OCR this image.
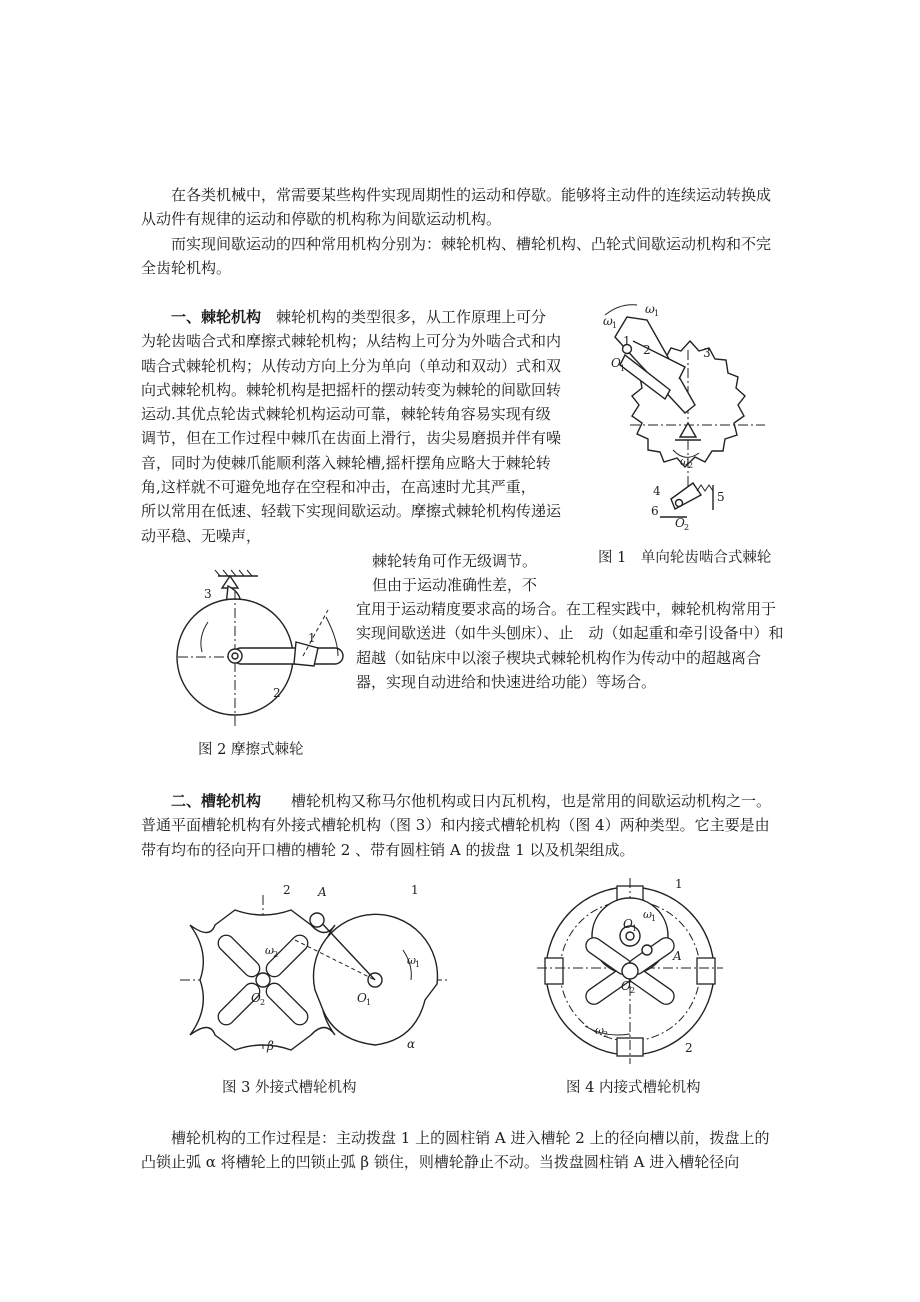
在各类机械中，常需要某些构件实现周期性的运动和停歇。能够将主动件的连续运动转换成从动件有规律的运动和停歇的机构称为间歇运动机构。

而实现间歇运动的四种常用机构分别为：棘轮机构、槽轮机构、凸轮式间歇运动机构和不完全齿轮机构。

一、棘轮机构　 棘轮机构的类型很多，从工作原理上可分为轮齿啮合式和摩擦式棘轮机构；从结构上可分为外啮合式和内啮合式棘轮机构；从传动方向上分为单向（单动和双动）式和双向式棘轮机构。棘轮机构是把摇杆的摆动转变为棘轮的间歇回转运动.其优点轮齿式棘轮机构运动可靠，棘轮转角容易实现有级调节，但在工作过程中棘爪在齿面上滑行，齿尖易磨损并伴有噪音，同时为使棘爪能顺利落入棘轮槽,摇杆摆角应略大于棘轮转角,这样就不可避免地存在空程和冲击，在高速时尤其严重，　　所以常用在低速、轻载下实现间歇运动。摩擦式棘轮机构传递运动平稳、无噪声，

棘轮转角可作无级调节。

但由于运动准确性差，不

宜用于运动精度要求高的场合。在工程实践中，棘轮机构常用于实现间歇送进（如牛头刨床）、止　动（如起重和牵引设备中）和超越（如钻床中以滚子楔块式棘轮机构作为传动中的超越离合器，实现自动进给和快速进给功能）等场合。

图 1　单向轮齿啮合式棘轮
图 2 摩擦式棘轮
ω 1
ω 1
1
2	3
O 1
ω 2
4	5
6
O 2
1
2
3

二、槽轮机构　　 槽轮机构又称马尔他机构或日内瓦机构，也是常用的间歇运动机构之一。普通平面槽轮机构有外接式槽轮机构（图 3）和内接式槽轮机构（图 4）两种类型。它主要是由带有均布的径向开口槽的槽轮 2 、带有圆柱销 A 的拔盘 1 以及机架组成。

2 A	1
ω 2	ω 1
O 2	O 1
β	α
1
O 1
ω 1
A
O 2
ω 2
2
图 3 外接式槽轮机构	图 4 内接式槽轮机构

槽轮机构的工作过程是：主动拨盘 1 上的圆柱销 A 进入槽轮 2 上的径向槽以前，拨盘上的凸锁止弧 α 将槽轮上的凹锁止弧 β 锁住，则槽轮静止不动。当拨盘圆柱销 A 进入槽轮径向
